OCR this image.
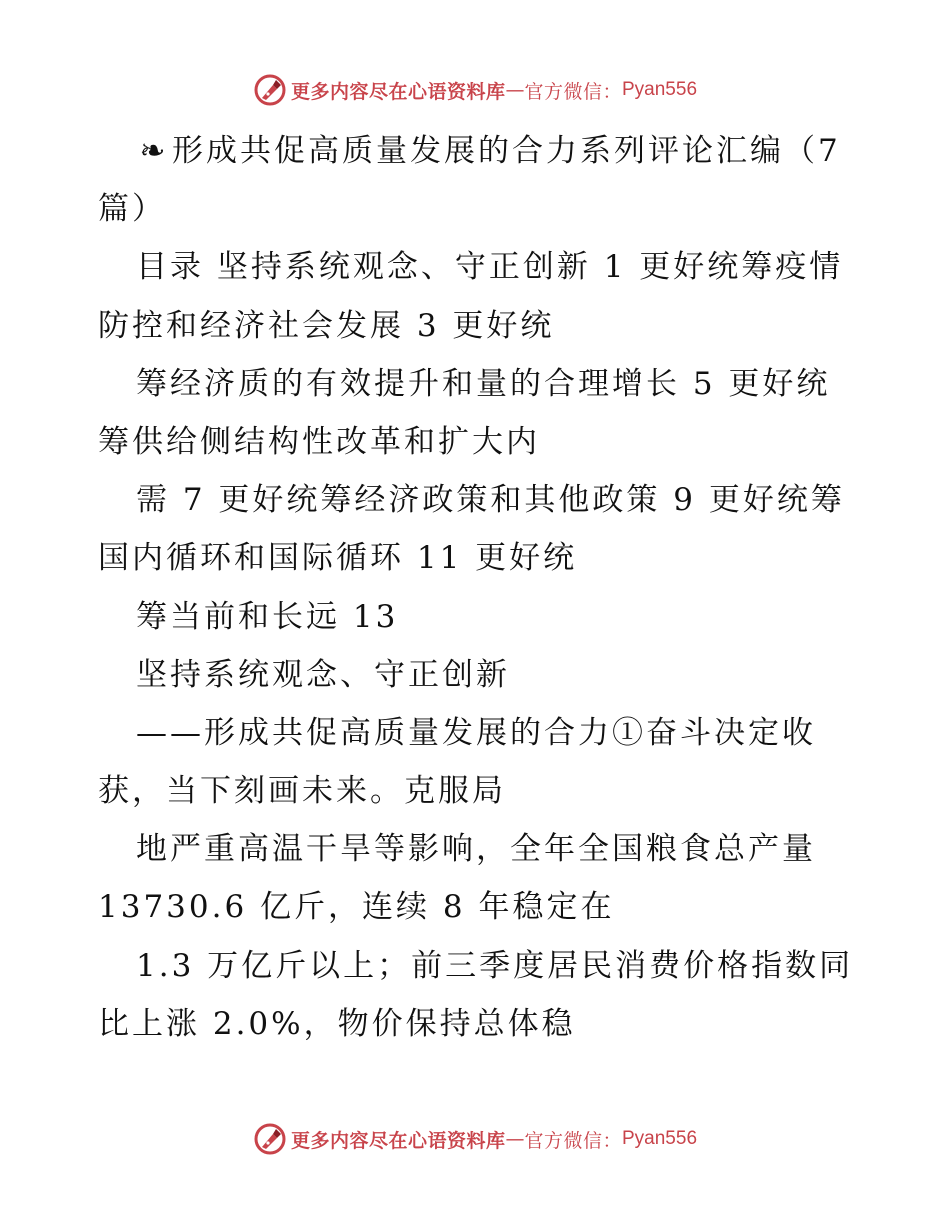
更多内容尽在心语资料库 — 官方微信： Pyan556
❧ 形成共促高质量发展的合力系列评论汇编（7
篇）
目录 坚持系统观念、守正创新 1 更好统筹疫情
防控和经济社会发展 3 更好统
筹经济质的有效提升和量的合理增长 5 更好统
筹供给侧结构性改革和扩大内
需 7 更好统筹经济政策和其他政策 9 更好统筹
国内循环和国际循环 11 更好统
筹当前和长远 13
坚持系统观念、守正创新
——形成共促高质量发展的合力①奋斗决定收
获，当下刻画未来。克服局
地严重高温干旱等影响，全年全国粮食总产量
13730.6 亿斤，连续 8 年稳定在
1.3 万亿斤以上；前三季度居民消费价格指数同
比上涨 2.0%，物价保持总体稳
更多内容尽在心语资料库 — 官方微信： Pyan556
